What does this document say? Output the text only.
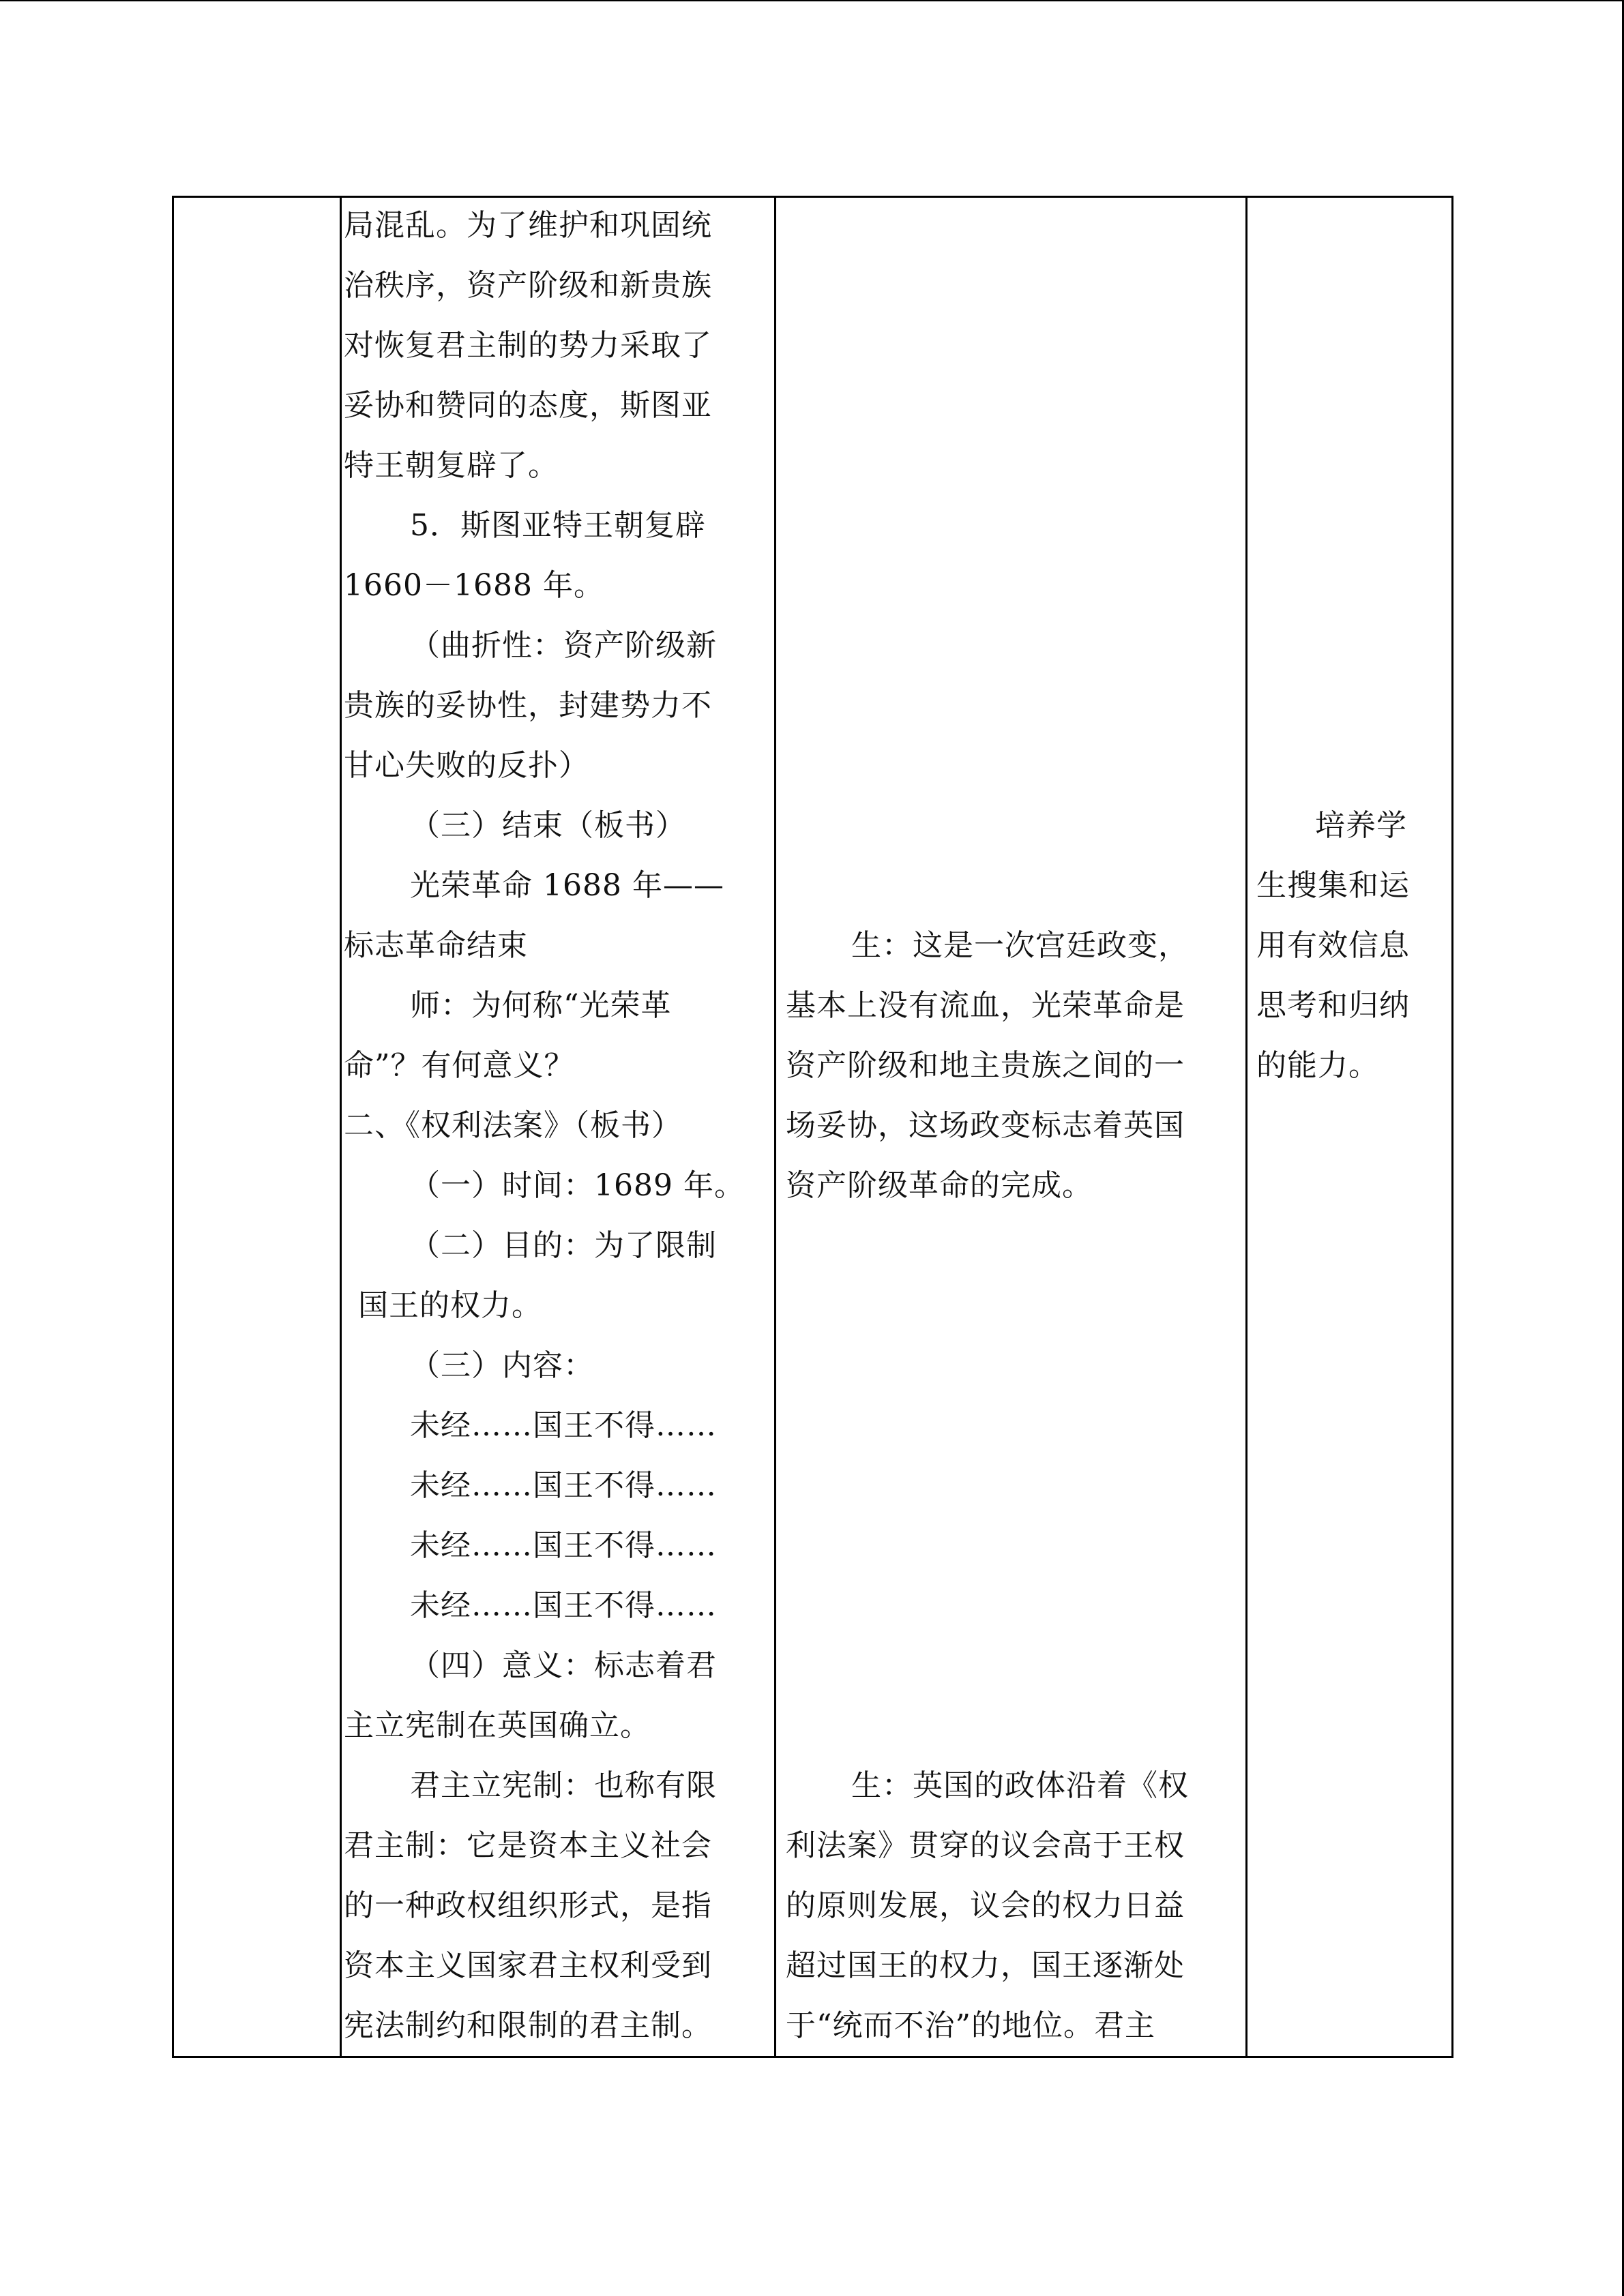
局混乱。为了维护和巩固统
治秩序，资产阶级和新贵族
对恢复君主制的势力采取了
妥协和赞同的态度，斯图亚
特王朝复辟了。
5．斯图亚特王朝复辟
1660－1688 年。
（曲折性：资产阶级新
贵族的妥协性，封建势力不
甘心失败的反扑）
（三）结束（板书）
光荣革命 1688 年——
标志革命结束
师：为何称“光荣革
命”？有何意义？
二、《权利法案》（板书）
（一）时间：1689 年。
（二）目的：为了限制
国王的权力。
（三）内容：
未经……国王不得……
未经……国王不得……
未经……国王不得……
未经……国王不得……
（四）意义：标志着君
主立宪制在英国确立。
君主立宪制：也称有限
君主制：它是资本主义社会
的一种政权组织形式，是指
资本主义国家君主权利受到
宪法制约和限制的君主制。
生：这是一次宫廷政变，
基本上没有流血，光荣革命是
资产阶级和地主贵族之间的一
场妥协，这场政变标志着英国
资产阶级革命的完成。
生：英国的政体沿着《权
利法案》贯穿的议会高于王权
的原则发展，议会的权力日益
超过国王的权力，国王逐渐处
于“统而不治”的地位。君主
培养学
生搜集和运
用有效信息
思考和归纳
的能力。
